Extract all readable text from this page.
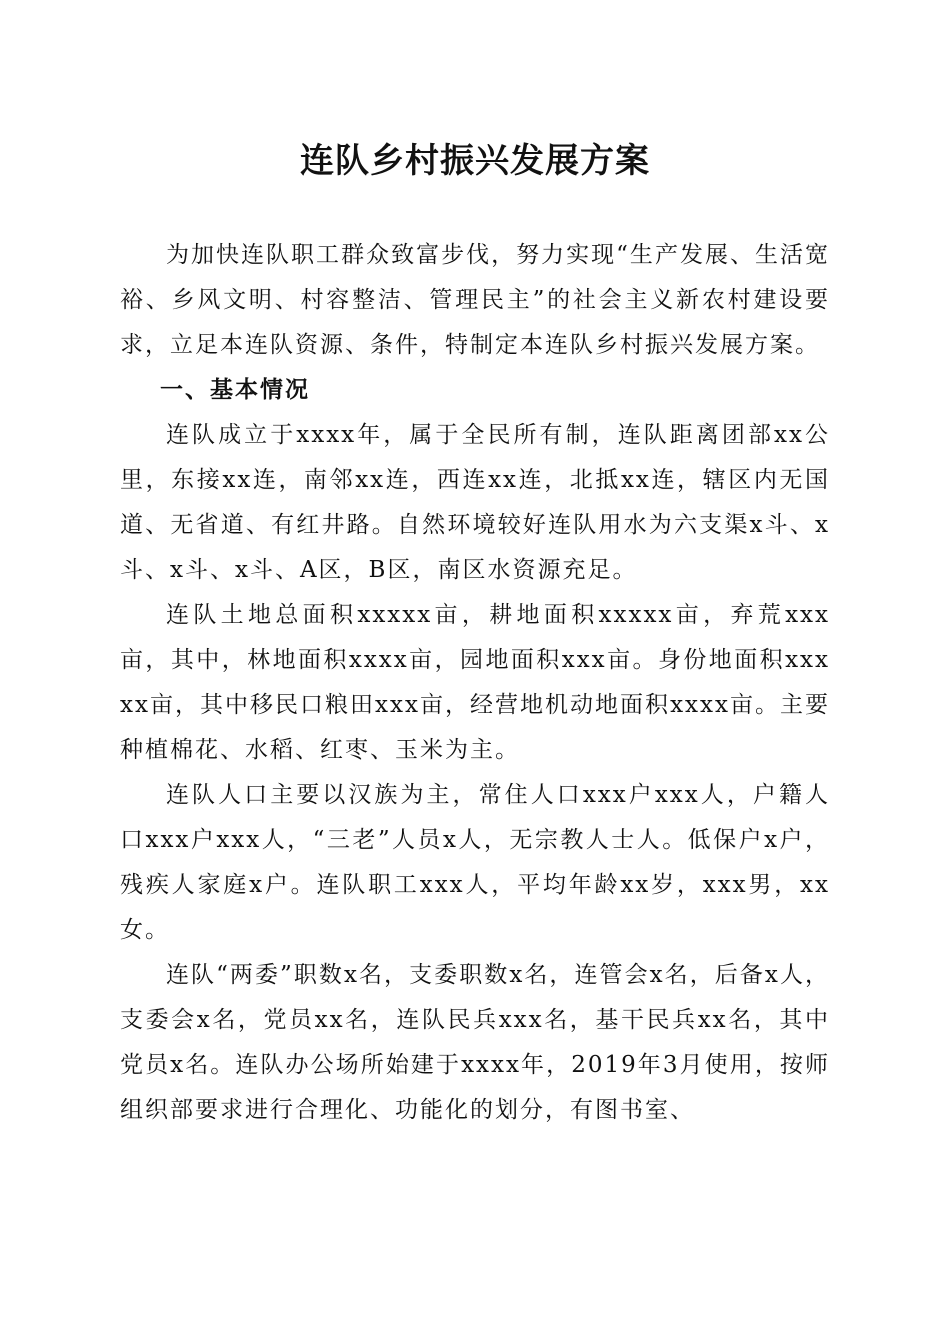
连队乡村振兴发展方案

为加快连队职工群众致富步伐，努力实现“生产发展、生活宽裕、乡风文明、村容整洁、管理民主”的社会主义新农村建设要求，立足本连队资源、条件，特制定本连队乡村振兴发展方案。

一、基本情况

连队成立于xxxx年，属于全民所有制，连队距离团部xx公里，东接xx连，南邻xx连，西连xx连，北抵xx连，辖区内无国道、无省道、有红井路。自然环境较好连队用水为六支渠x斗、x斗、x斗、x斗、A区，B区，南区水资源充足。

连队土地总面积xxxxx亩，耕地面积xxxxx亩，弃荒xxx亩，其中，林地面积xxxx亩，园地面积xxx亩。身份地面积xxxxx亩，其中移民口粮田xxx亩，经营地机动地面积xxxx亩。主要种植棉花、水稻、红枣、玉米为主。

连队人口主要以汉族为主，常住人口xxx户xxx人，户籍人口xxx户xxx人，“三老”人员x人，无宗教人士人。低保户x户，残疾人家庭x户。连队职工xxx人，平均年龄xx岁，xxx男，xx女。

连队“两委”职数x名，支委职数x名，连管会x名，后备x人，支委会x名，党员xx名，连队民兵xxx名，基干民兵xx名，其中党员x名。连队办公场所始建于xxxx年，2019年3月使用，按师组织部要求进行合理化、功能化的划分，有图书室、
